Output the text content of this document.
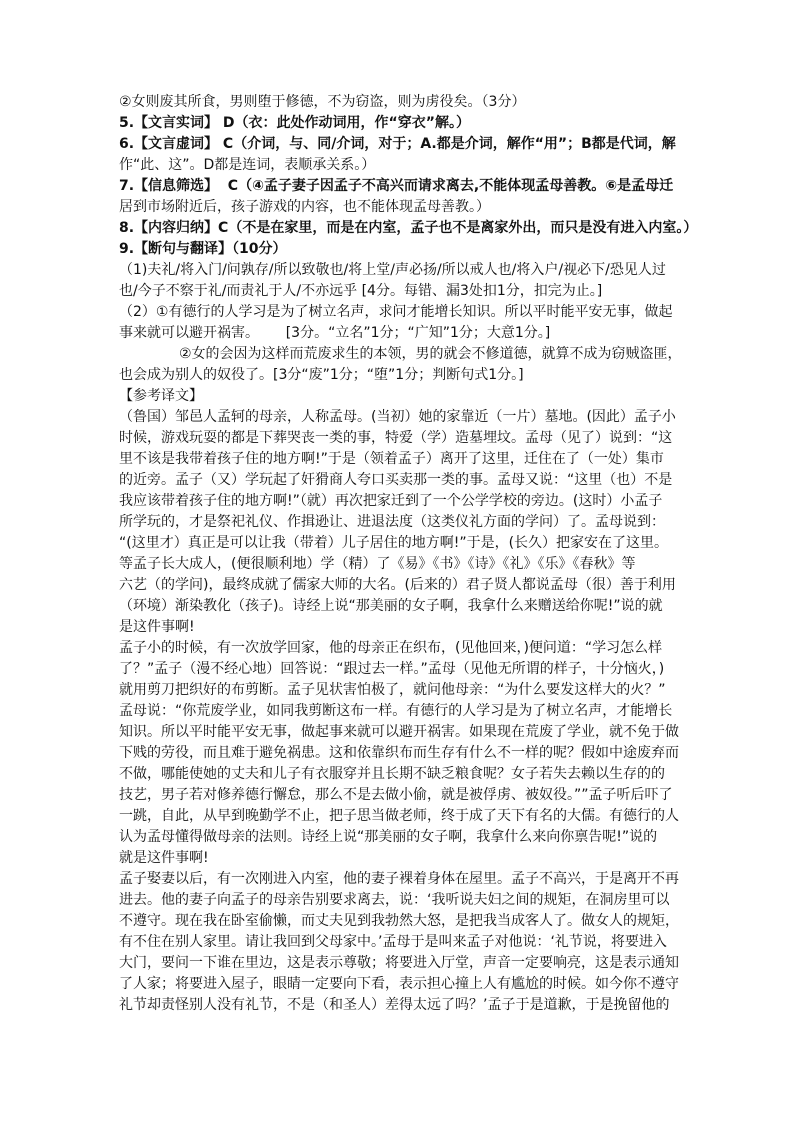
②女则废其所食，男则堕于修德，不为窃盗，则为虏役矣。（3分）
5.【文言实词】 D（衣：此处作动词用，作“穿衣”解。）
6.【文言虚词】 C（介词，与、同/介词，对于；A.都是介词，解作“用”；B都是代词，解
作“此、这”。D都是连词，表顺承关系。）
7.【信息筛选】  C（④孟子妻子因孟子不高兴而请求离去,不能体现孟母善教。⑥是孟母迁
居到市场附近后，孩子游戏的内容，也不能体现孟母善教。）
8.【内容归纳】C（不是在家里，而是在内室，孟子也不是离家外出，而只是没有进入内室。）
9.【断句与翻译】（10分）
（1)夫礼/将入门/问孰存/所以致敬也/将上堂/声必扬/所以戒人也/将入户/视必下/恐见人过
也/今子不察于礼/而责礼于人/不亦远乎 [4分。每错、漏3处扣1分，扣完为止。]
（2）①有德行的人学习是为了树立名声，求问才能增长知识。所以平时能平安无事，做起
事来就可以避开祸害。      [3分。“立名”1分；“广知”1分；大意1分。]
②女的会因为这样而荒废求生的本领，男的就会不修道德，就算不成为窃贼盗匪，
也会成为别人的奴役了。[3分“废”1分；“堕”1分；判断句式1分。]
【参考译文】
（鲁国）邹邑人孟轲的母亲，人称孟母。(当初）她的家靠近（一片）墓地。(因此）孟子小
时候，游戏玩耍的都是下葬哭丧一类的事，特爱（学）造墓埋坟。孟母（见了）说到：“这
里不该是我带着孩子住的地方啊!”于是（领着孟子）离开了这里，迁住在了（一处）集市
的近旁。孟子（又）学玩起了奸猾商人夸口买卖那一类的事。孟母又说：“这里（也）不是
我应该带着孩子住的地方啊!”（就）再次把家迁到了一个公学学校的旁边。(这时）小孟子
所学玩的，才是祭祀礼仪、作揖逊让、进退法度（这类仪礼方面的学问）了。孟母说到：
“(这里才）真正是可以让我（带着）儿子居住的地方啊!”于是，(长久）把家安在了这里。
等孟子长大成人，(便很顺利地）学（精）了《易》《书》《诗》《礼》《乐》《春秋》等
六艺（的学问)，最终成就了儒家大师的大名。(后来的）君子贤人都说孟母（很）善于利用
（环境）渐染教化（孩子)。诗经上说“那美丽的女子啊，我拿什么来赠送给你呢!”说的就
是这件事啊!
孟子小的时候，有一次放学回家，他的母亲正在织布，(见他回来，)便问道：“学习怎么样
了？”孟子（漫不经心地）回答说：“跟过去一样。”孟母（见他无所谓的样子，十分恼火，)
就用剪刀把织好的布剪断。孟子见状害怕极了，就问他母亲：“为什么要发这样大的火？”
孟母说：“你荒废学业，如同我剪断这布一样。有德行的人学习是为了树立名声，才能增长
知识。所以平时能平安无事，做起事来就可以避开祸害。如果现在荒废了学业，就不免于做
下贱的劳役，而且难于避免祸患。这和依靠织布而生存有什么不一样的呢？假如中途废弃而
不做，哪能使她的丈夫和儿子有衣服穿并且长期不缺乏粮食呢？女子若失去赖以生存的的
技艺，男子若对修养德行懈怠，那么不是去做小偷，就是被俘虏、被奴役。””孟子听后吓了
一跳，自此，从早到晚勤学不止，把子思当做老师，终于成了天下有名的大儒。有德行的人
认为孟母懂得做母亲的法则。诗经上说“那美丽的女子啊，我拿什么来向你禀告呢!”说的
就是这件事啊!
孟子娶妻以后，有一次刚进入内室，他的妻子裸着身体在屋里。孟子不高兴，于是离开不再
进去。他的妻子向孟子的母亲告别要求离去，说：‘我听说夫妇之间的规矩，在洞房里可以
不遵守。现在我在卧室偷懒，而丈夫见到我勃然大怒，是把我当成客人了。做女人的规矩，
有不住在别人家里。请让我回到父母家中。’孟母于是叫来孟子对他说：‘礼节说，将要进入
大门，要问一下谁在里边，这是表示尊敬；将要进入厅堂，声音一定要响亮，这是表示通知
了人家；将要进入屋子，眼睛一定要向下看，表示担心撞上人有尴尬的时候。如今你不遵守
礼节却责怪别人没有礼节，不是（和圣人）差得太远了吗？’孟子于是道歉，于是挽留他的
